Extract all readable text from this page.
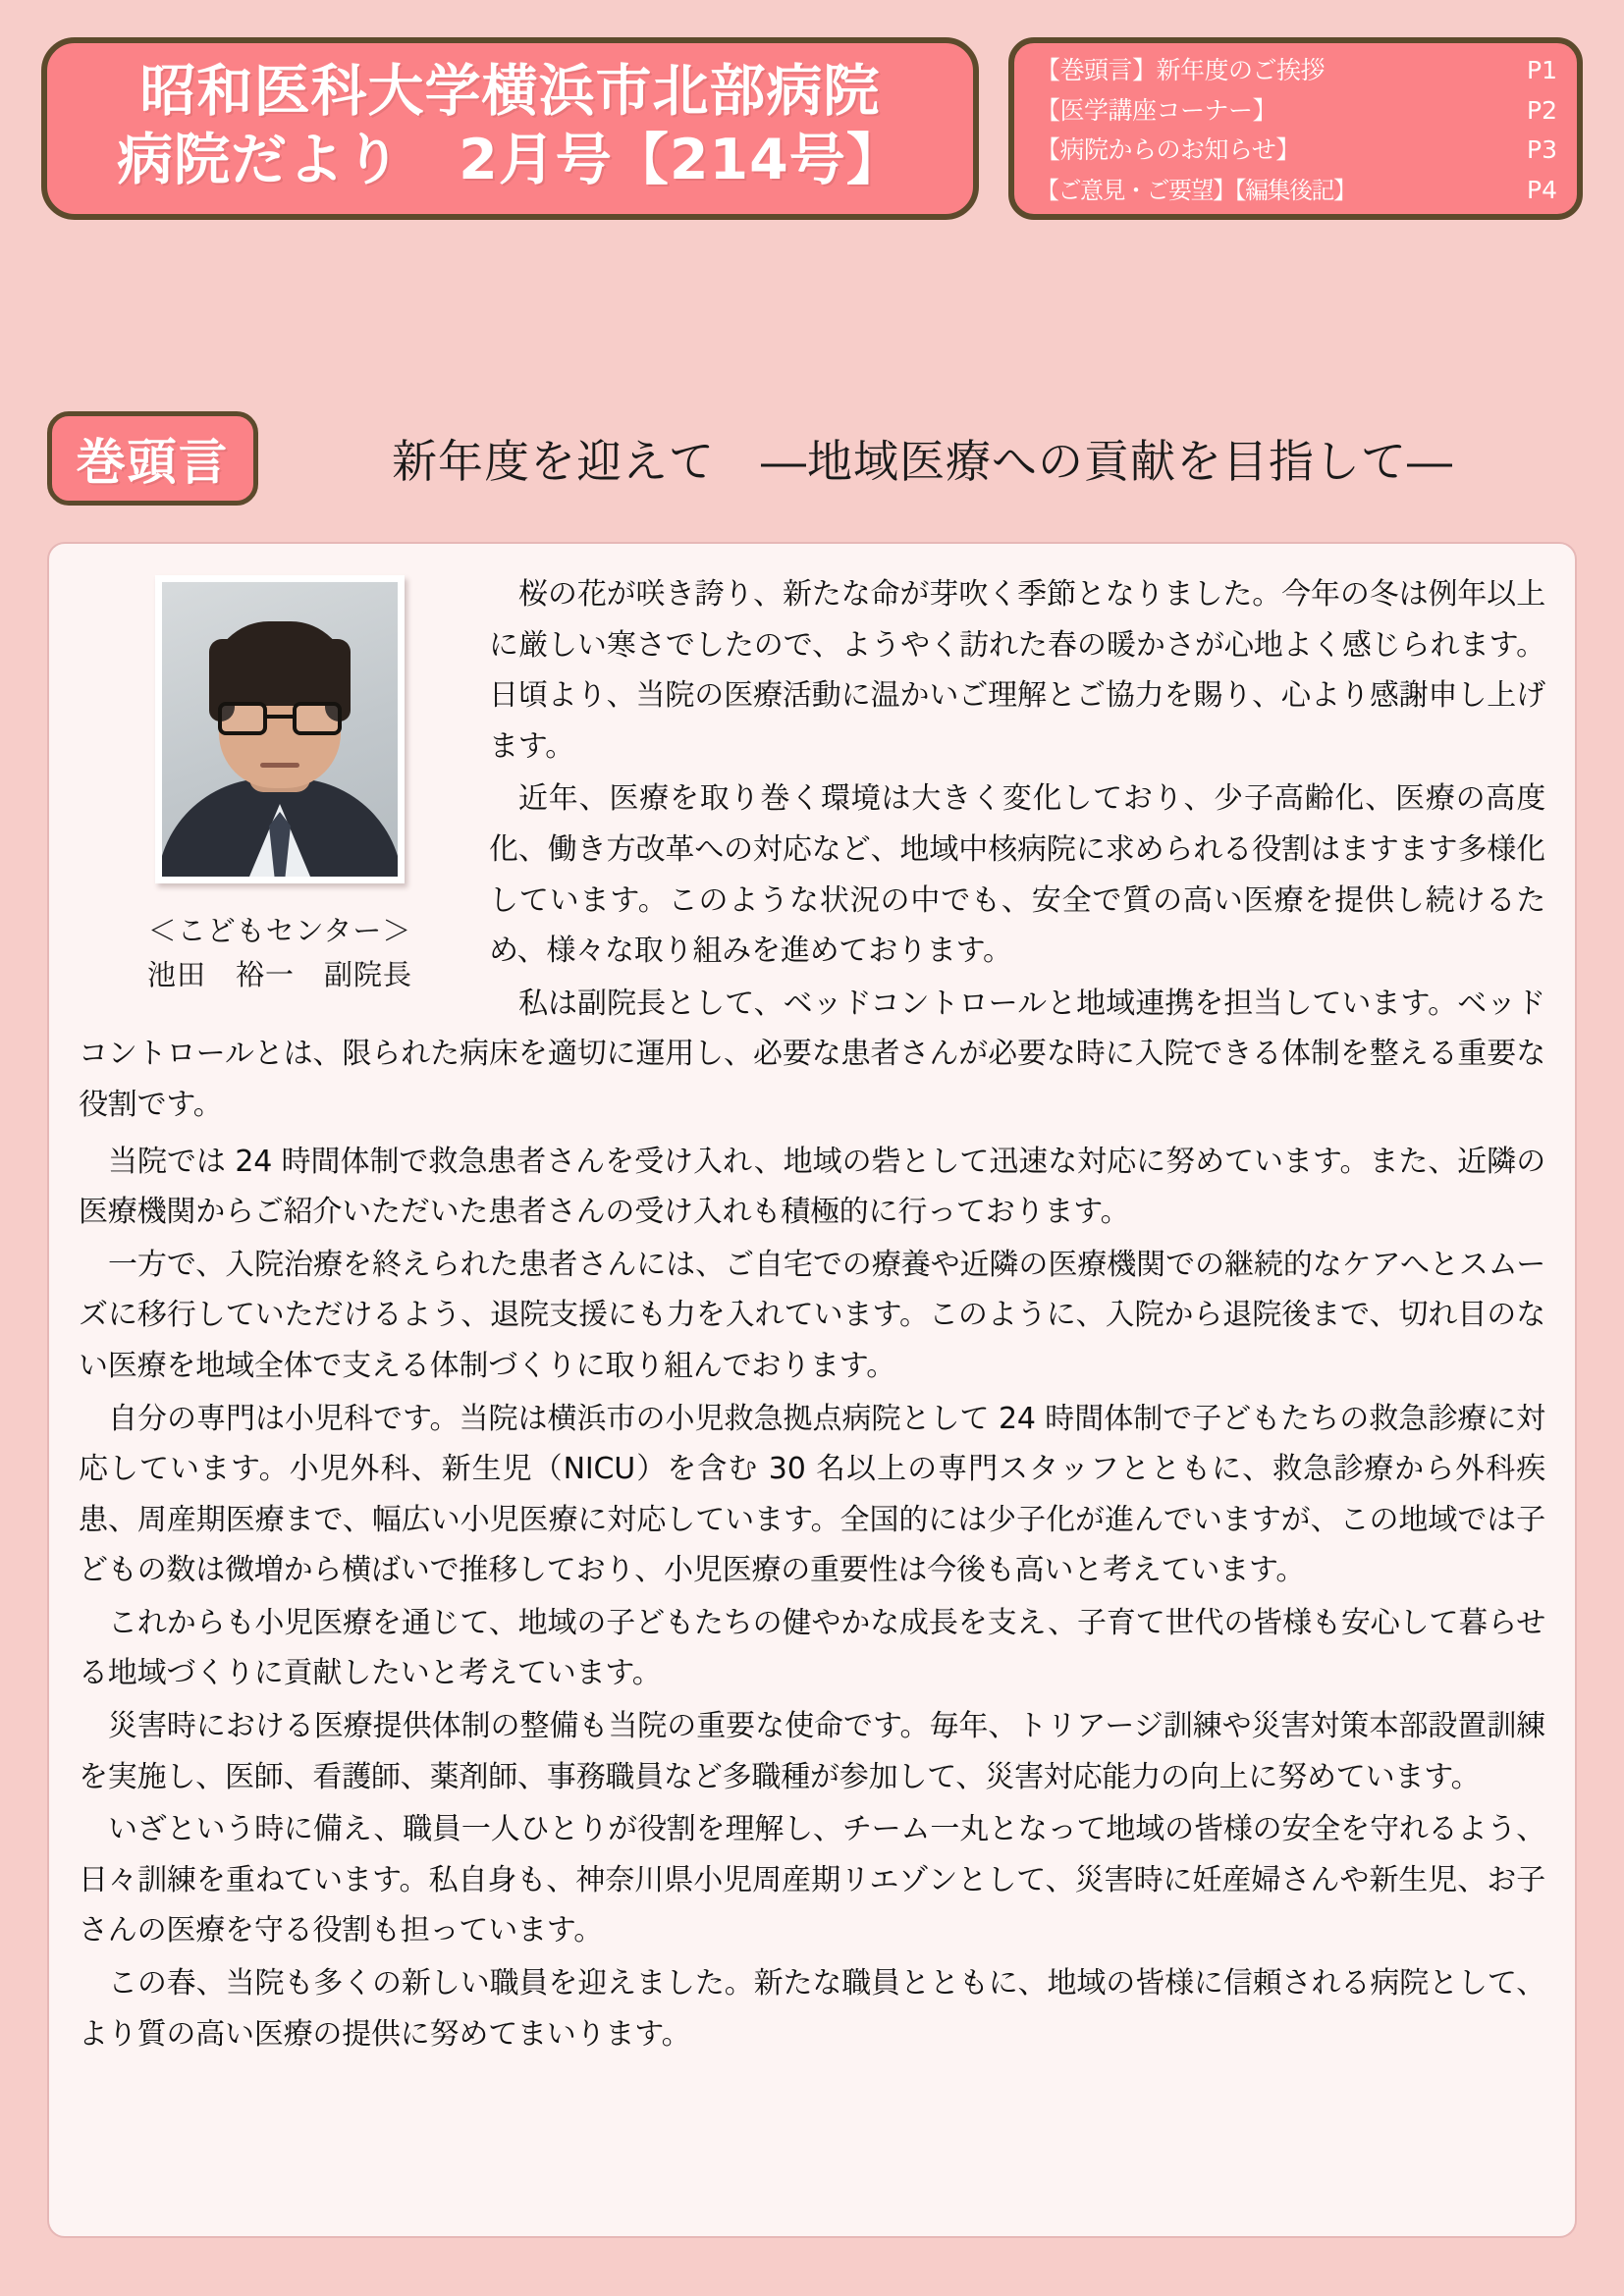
昭和医科大学横浜市北部病院
病院だより　2月号【214号】
【巻頭言】新年度のご挨拶	P1
【医学講座コーナー】	P2
【病院からのお知らせ】	P3
【ご意見・ご要望】【編集後記】	P4
巻頭言	新年度を迎えて　―地域医療への貢献を目指して―
＜こどもセンター＞
池田　裕一　副院長

桜の花が咲き誇り、新たな命が芽吹く季節となりました。今年の冬は例年以上に厳しい寒さでしたので、ようやく訪れた春の暖かさが心地よく感じられます。日頃より、当院の医療活動に温かいご理解とご協力を賜り、心より感謝申し上げます。

近年、医療を取り巻く環境は大きく変化しており、少子高齢化、医療の高度化、働き方改革への対応など、地域中核病院に求められる役割はますます多様化しています。このような状況の中でも、安全で質の高い医療を提供し続けるため、様々な取り組みを進めております。

私は副院長として、ベッドコントロールと地域連携を担当しています。ベッドコントロールとは、限られた病床を適切に運用し、必要な患者さんが必要な時に入院できる体制を整える重要な役割です。

当院では 24 時間体制で救急患者さんを受け入れ、地域の砦として迅速な対応に努めています。また、近隣の医療機関からご紹介いただいた患者さんの受け入れも積極的に行っております。

一方で、入院治療を終えられた患者さんには、ご自宅での療養や近隣の医療機関での継続的なケアへとスムーズに移行していただけるよう、退院支援にも力を入れています。このように、入院から退院後まで、切れ目のない医療を地域全体で支える体制づくりに取り組んでおります。

自分の専門は小児科です。当院は横浜市の小児救急拠点病院として 24 時間体制で子どもたちの救急診療に対応しています。小児外科、新生児（NICU）を含む 30 名以上の専門スタッフとともに、救急診療から外科疾患、周産期医療まで、幅広い小児医療に対応しています。全国的には少子化が進んでいますが、この地域では子どもの数は微増から横ばいで推移しており、小児医療の重要性は今後も高いと考えています。

これからも小児医療を通じて、地域の子どもたちの健やかな成長を支え、子育て世代の皆様も安心して暮らせる地域づくりに貢献したいと考えています。

災害時における医療提供体制の整備も当院の重要な使命です。毎年、トリアージ訓練や災害対策本部設置訓練を実施し、医師、看護師、薬剤師、事務職員など多職種が参加して、災害対応能力の向上に努めています。

いざという時に備え、職員一人ひとりが役割を理解し、チーム一丸となって地域の皆様の安全を守れるよう、日々訓練を重ねています。私自身も、神奈川県小児周産期リエゾンとして、災害時に妊産婦さんや新生児、お子さんの医療を守る役割も担っています。

この春、当院も多くの新しい職員を迎えました。新たな職員とともに、地域の皆様に信頼される病院として、より質の高い医療の提供に努めてまいります。
